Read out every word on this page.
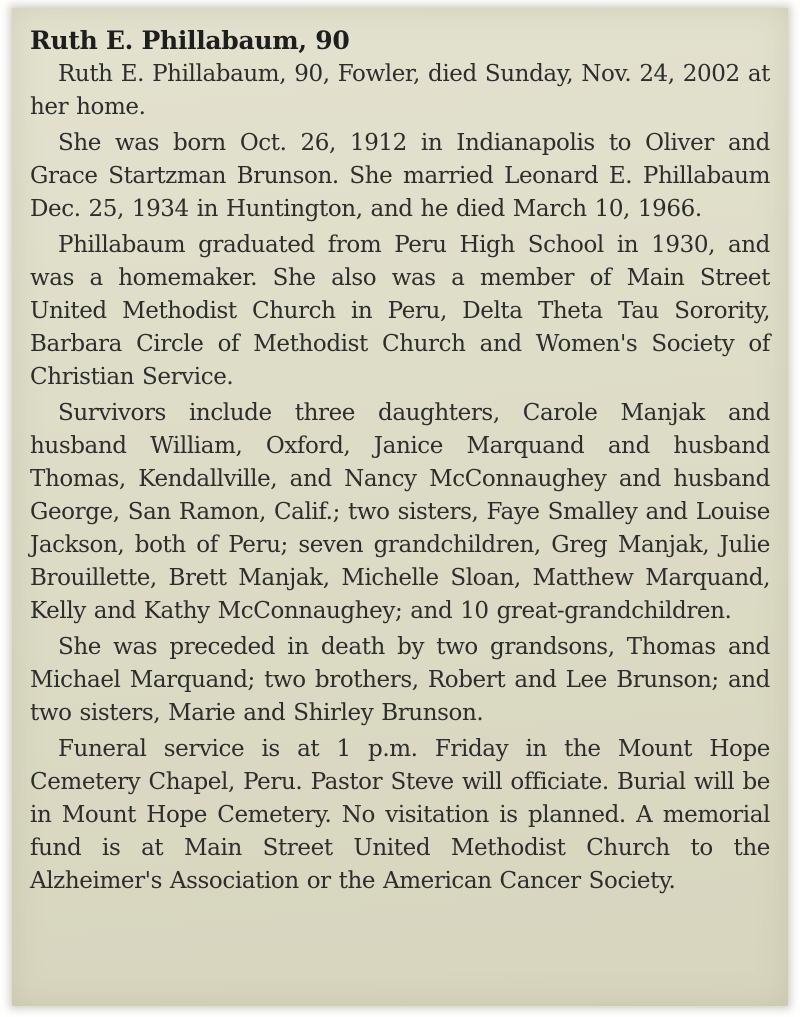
Ruth E. Phillabaum, 90

Ruth E. Phillabaum, 90, Fowler, died Sunday, Nov. 24, 2002 at her home.

She was born Oct. 26, 1912 in Indianapolis to Oliver and Grace Startzman Brunson. She married Leonard E. Phillabaum Dec. 25, 1934 in Huntington, and he died March 10, 1966.

Phillabaum graduated from Peru High School in 1930, and was a homemaker. She also was a member of Main Street United Methodist Church in Peru, Delta Theta Tau Sorority, Barbara Circle of Methodist Church and Women's Society of Christian Service.

Survivors include three daughters, Carole Manjak and husband William, Oxford, Janice Marquand and husband Thomas, Kendallville, and Nancy McConnaughey and husband George, San Ramon, Calif.; two sisters, Faye Smalley and Louise Jackson, both of Peru; seven grandchildren, Greg Manjak, Julie Brouillette, Brett Manjak, Michelle Sloan, Matthew Marquand, Kelly and Kathy McConnaughey; and 10 great-grandchildren.

She was preceded in death by two grandsons, Thomas and Michael Marquand; two brothers, Robert and Lee Brunson; and two sisters, Marie and Shirley Brunson.

Funeral service is at 1 p.m. Friday in the Mount Hope Cemetery Chapel, Peru. Pastor Steve will officiate. Burial will be in Mount Hope Cemetery. No visitation is planned. A memorial fund is at Main Street United Methodist Church to the Alzheimer's Association or the American Cancer Society.
